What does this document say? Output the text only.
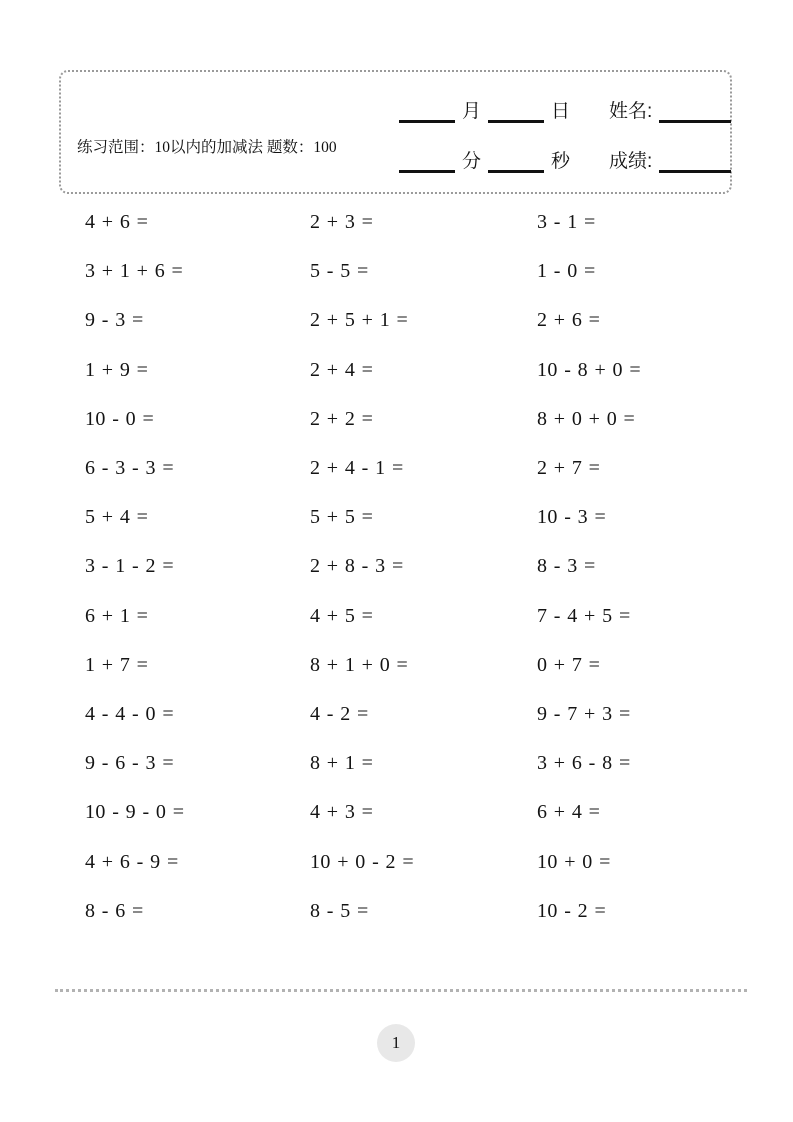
练习范围：10以内的加减法 题数：100
月	日 姓名:
分	秒 成绩:
4 + 6 =	2 + 3 =	3 - 1 =
3 + 1 + 6 =	5 - 5 =	1 - 0 =
9 - 3 =	2 + 5 + 1 =	2 + 6 =
1 + 9 =	2 + 4 =	10 - 8 + 0 =
10 - 0 =	2 + 2 =	8 + 0 + 0 =
6 - 3 - 3 =	2 + 4 - 1 =	2 + 7 =
5 + 4 =	5 + 5 =	10 - 3 =
3 - 1 - 2 =	2 + 8 - 3 =	8 - 3 =
6 + 1 =	4 + 5 =	7 - 4 + 5 =
1 + 7 =	8 + 1 + 0 =	0 + 7 =
4 - 4 - 0 =	4 - 2 =	9 - 7 + 3 =
9 - 6 - 3 =	8 + 1 =	3 + 6 - 8 =
10 - 9 - 0 =	4 + 3 =	6 + 4 =
4 + 6 - 9 =	10 + 0 - 2 =	10 + 0 =
8 - 6 =	8 - 5 =	10 - 2 =
1
